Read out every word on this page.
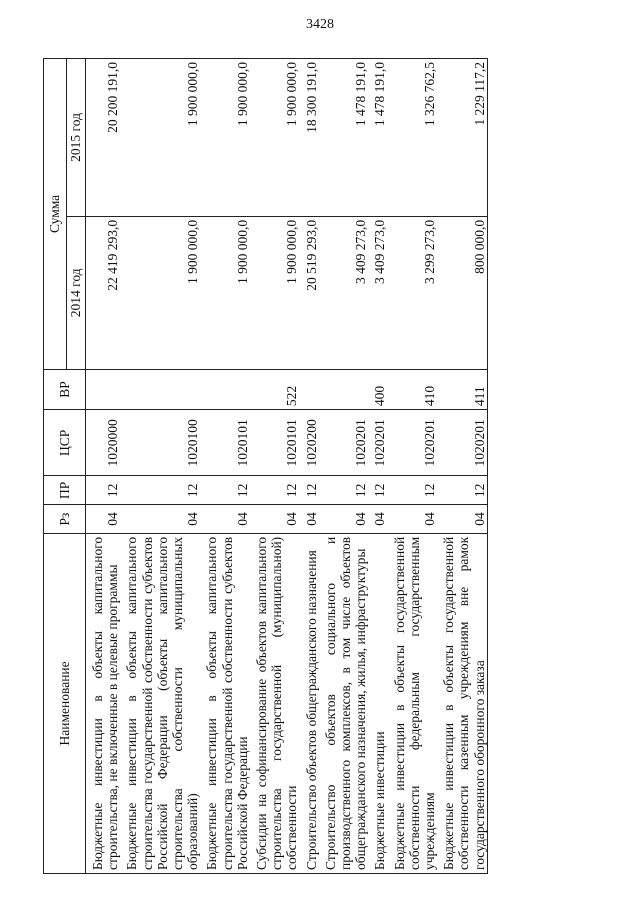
3428
Наименование	Рз	ПР	ЦСР	ВР	Сумма	
					2014 год	2015 год
Бюджетные инвестиции в объекты капитального строительства, не включенные в целевые программы	04	12	1020000		22 419 293,0	20 200 191,0
Бюджетные инвестиции в объекты капитального строительства государственной собственности субъектов Российской Федерации (объекты капитального строительства собственности муниципальных образований)	04	12	1020100		1 900 000,0	1 900 000,0
Бюджетные инвестиции в объекты капитального строительства государственной собственности субъектов Российской Федерации	04	12	1020101		1 900 000,0	1 900 000,0
Субсидии на софинансирование объектов капитального строительства государственной (муниципальной) собственности	04	12	1020101	522	1 900 000,0	1 900 000,0
Строительство объектов общегражданского назначения	04	12	1020200		20 519 293,0	18 300 191,0
Строительство объектов социального и производственного комплексов, в том числе объектов общегражданского назначения, жилья, инфраструктуры	04	12	1020201		3 409 273,0	1 478 191,0
Бюджетные инвестиции	04	12	1020201	400	3 409 273,0	1 478 191,0
Бюджетные инвестиции в объекты государственной собственности федеральным государственным учреждениям	04	12	1020201	410	3 299 273,0	1 326 762,5
Бюджетные инвестиции в объекты государственной собственности казенным учреждениям вне рамок государственного оборонного заказа	04	12	1020201	411	800 000,0	1 229 117,2
